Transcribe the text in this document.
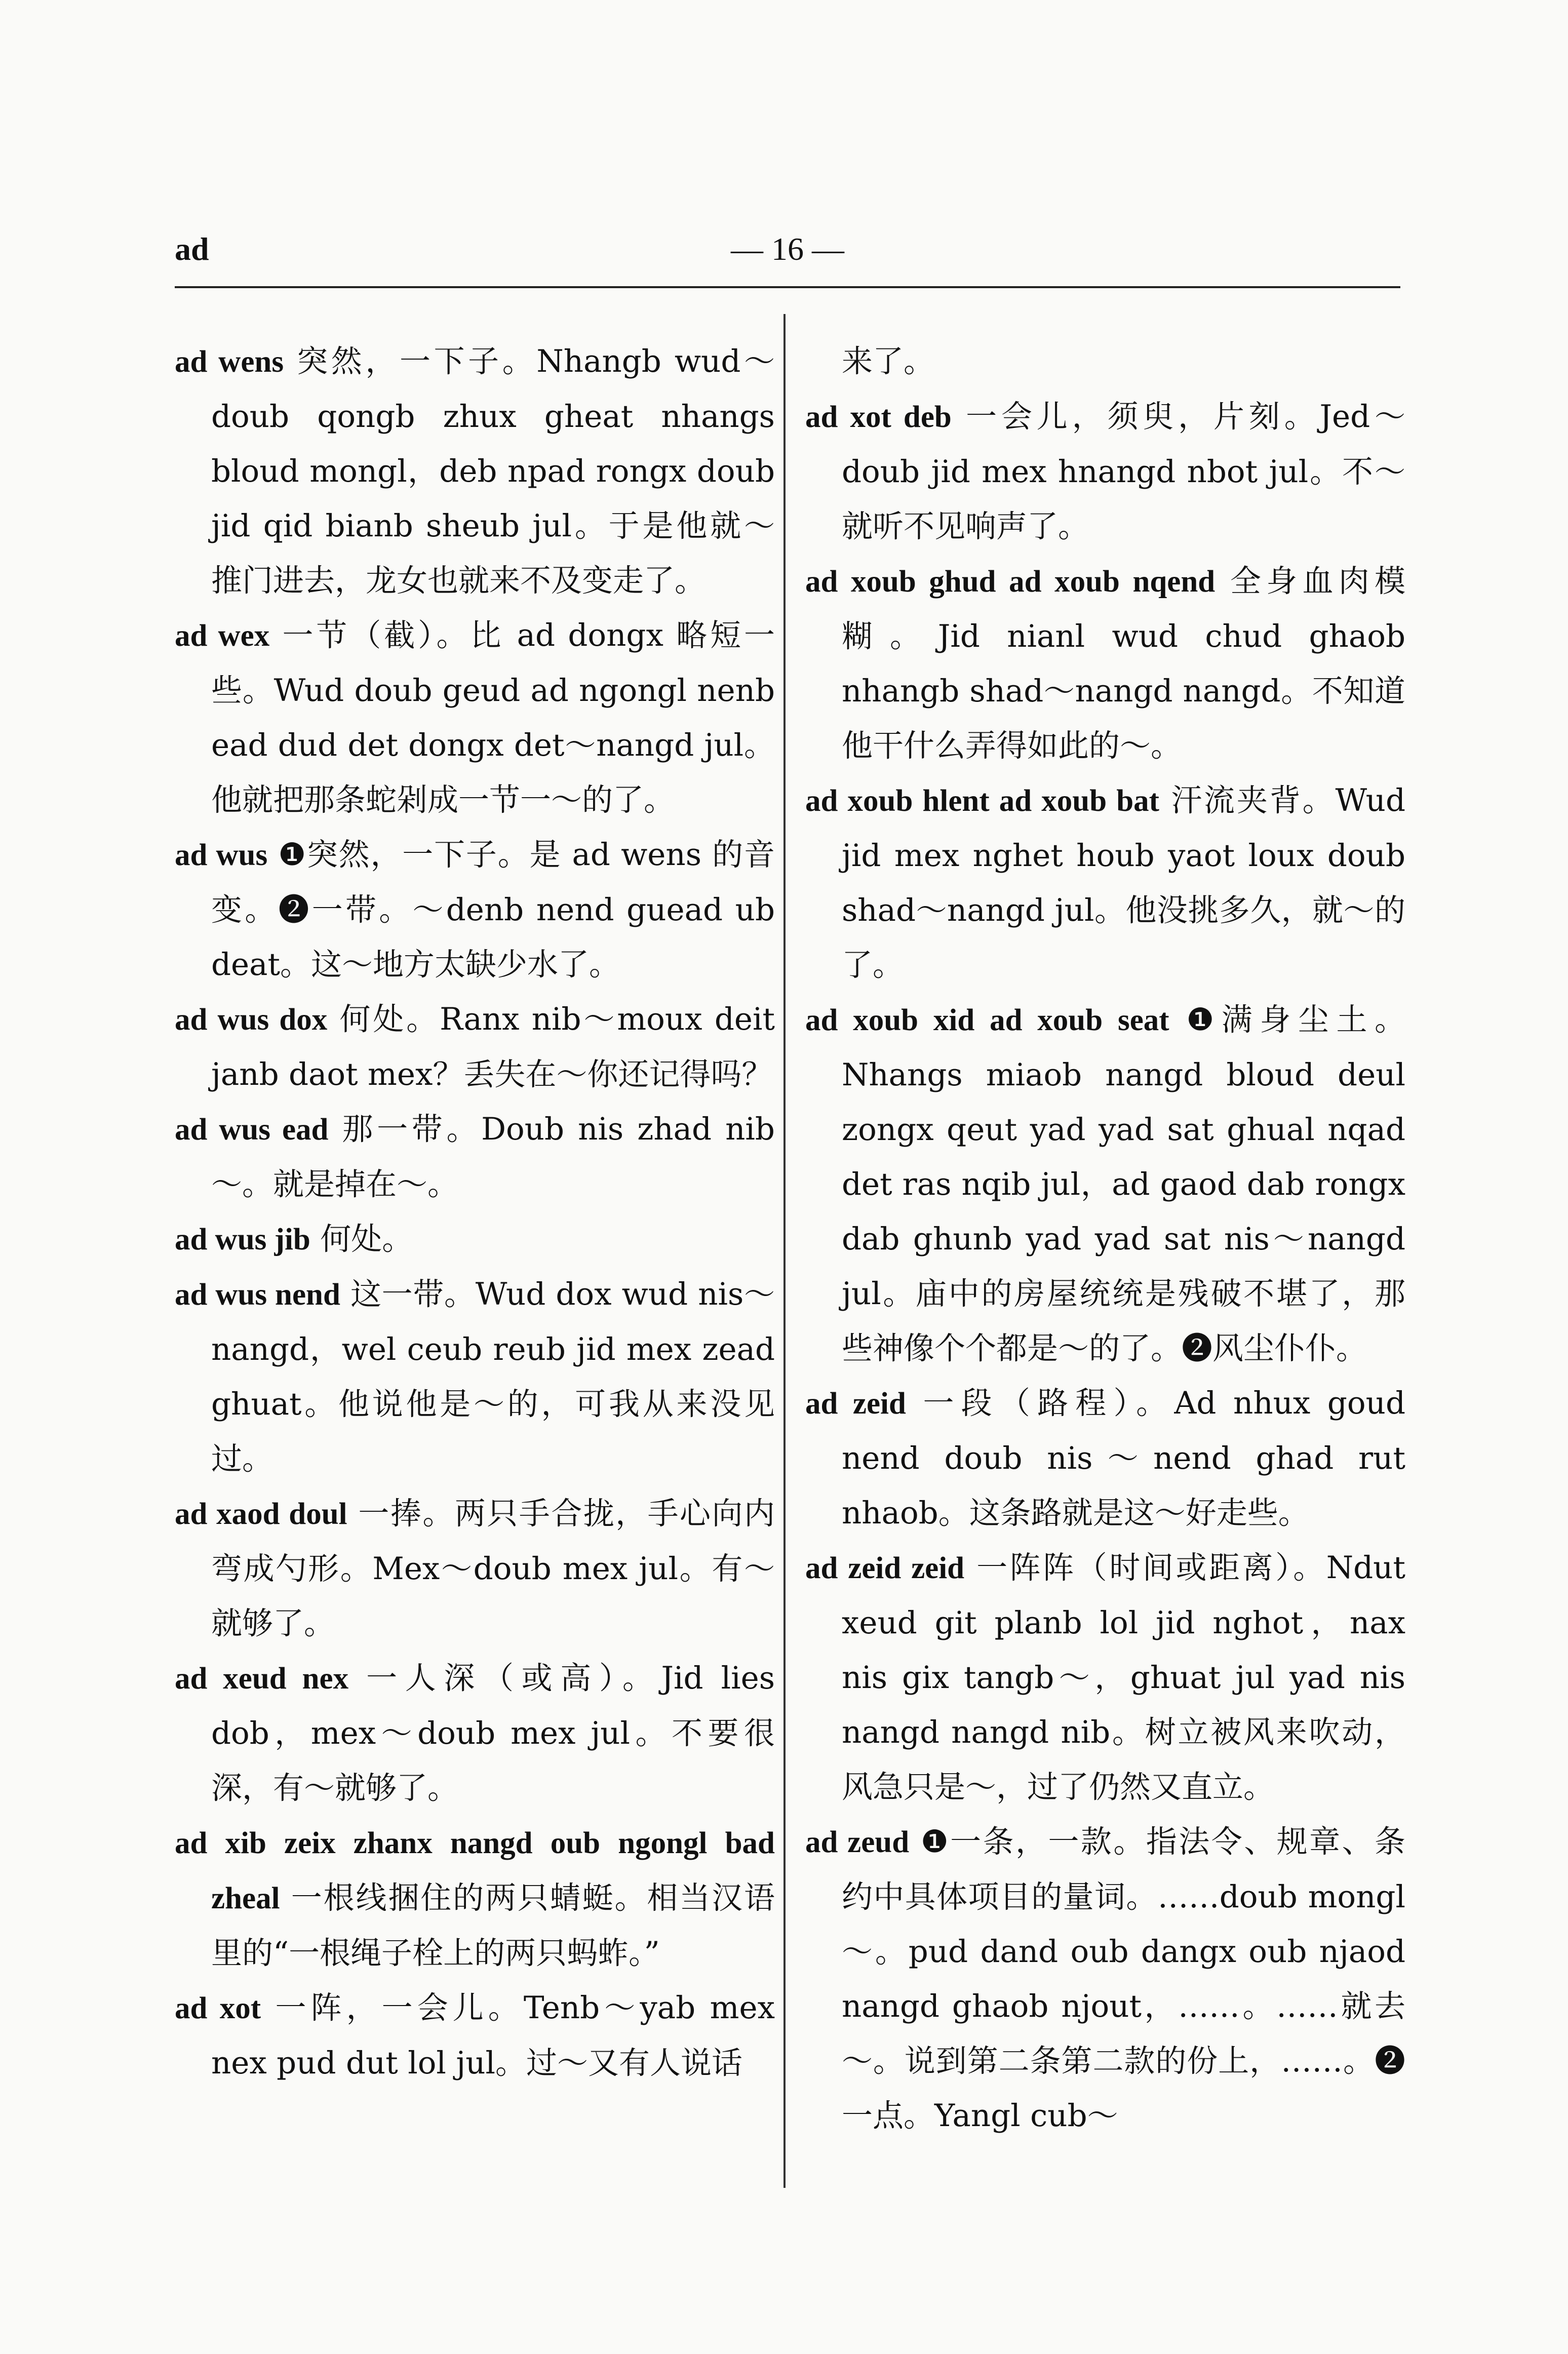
ad	— 16 —

ad wens 突然，一下子。Nhangb wud～doub qongb zhux gheat nhangs bloud mongl，deb npad rongx doub jid qid bianb sheub jul。于是他就～推门进去，龙女也就来不及变走了。

ad wex 一节（截）。比 ad dongx 略短一些。Wud doub geud ad ngongl nenb ead dud det dongx det～nangd jul。他就把那条蛇剁成一节一～的了。

ad wus ❶突然，一下子。是 ad wens 的音变。❷一带。～denb nend guead ub deat。这～地方太缺少水了。

ad wus dox 何处。Ranx nib～moux deit janb daot mex？丢失在～你还记得吗？

ad wus ead 那一带。Doub nis zhad nib～。就是掉在～。

ad wus jib 何处。

ad wus nend 这一带。Wud dox wud nis～nangd，wel ceub reub jid mex zead ghuat。他说他是～的，可我从来没见过。

ad xaod doul 一捧。两只手合拢，手心向内弯成勺形。Mex～doub mex jul。有～就够了。

ad xeud nex 一人深（或高）。Jid lies dob，mex～doub mex jul。不要很深，有～就够了。

ad xib zeix zhanx nangd oub ngongl bad zheal 一根线捆住的两只蜻蜓。相当汉语里的“一根绳子栓上的两只蚂蚱。”

ad xot 一阵，一会儿。Tenb～yab mex nex pud dut lol jul。过～又有人说话

来了。

ad xot deb 一会儿，须臾，片刻。Jed～doub jid mex hnangd nbot jul。不～就听不见响声了。

ad xoub ghud ad xoub nqend 全身血肉模糊。Jid nianl wud chud ghaob nhangb shad～nangd nangd。不知道他干什么弄得如此的～。

ad xoub hlent ad xoub bat 汗流夹背。Wud jid mex nghet houb yaot loux doub shad～nangd jul。他没挑多久，就～的了。

ad xoub xid ad xoub seat ❶满身尘土。Nhangs miaob nangd bloud deul zongx qeut yad yad sat ghual nqad det ras nqib jul，ad gaod dab rongx dab ghunb yad yad sat nis～nangd jul。庙中的房屋统统是残破不堪了，那些神像个个都是～的了。❷风尘仆仆。

ad zeid 一段（路程）。Ad nhux goud nend doub nis～nend ghad rut nhaob。这条路就是这～好走些。

ad zeid zeid 一阵阵（时间或距离）。Ndut xeud git planb lol jid nghot，nax nis gix tangb～，ghuat jul yad nis nangd nangd nib。树立被风来吹动，风急只是～，过了仍然又直立。

ad zeud ❶一条，一款。指法令、规章、条约中具体项目的量词。……doub mongl～。pud dand oub dangx oub njaod nangd ghaob njout，……。……就去～。说到第二条第二款的份上，……。❷一点。Yangl cub～
